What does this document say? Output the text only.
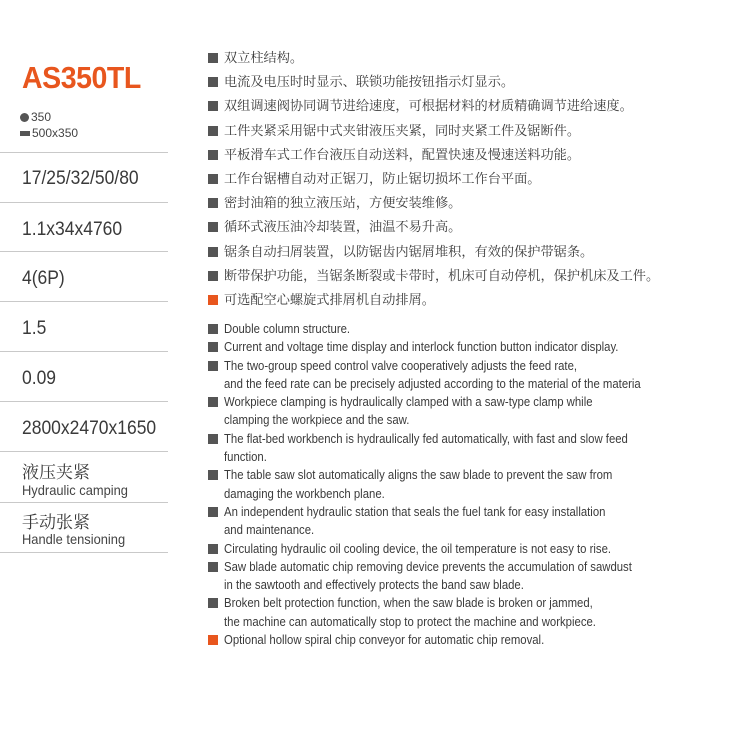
AS350TL
350
500x350
17/25/32/50/80
1.1x34x4760
4(6P)
1.5
0.09
2800x2470x1650
液压夹紧
Hydraulic camping
手动张紧
Handle tensioning
双立柱结构。
电流及电压时时显示、联锁功能按钮指示灯显示。
双组调速阀协同调节进给速度，可根据材料的材质精确调节进给速度。
工件夹紧采用锯中式夹钳液压夹紧，同时夹紧工件及锯断件。
平板滑车式工作台液压自动送料，配置快速及慢速送料功能。
工作台锯槽自动对正锯刀，防止锯切损坏工作台平面。
密封油箱的独立液压站，方便安装维修。
循环式液压油冷却装置，油温不易升高。
锯条自动扫屑装置，以防锯齿内锯屑堆积，有效的保护带锯条。
断带保护功能，当锯条断裂或卡带时，机床可自动停机，保护机床及工件。
可选配空心螺旋式排屑机自动排屑。
Double column structure.
Current and voltage time display and interlock function button indicator display.
The two-group speed control valve cooperatively adjusts the feed rate,
and the feed rate can be precisely adjusted according to the material of the materia
Workpiece clamping is hydraulically clamped with a saw-type clamp while
clamping the workpiece and the saw.
The flat-bed workbench is hydraulically fed automatically, with fast and slow feed
function.
The table saw slot automatically aligns the saw blade to prevent the saw from
damaging the workbench plane.
An independent hydraulic station that seals the fuel tank for easy installation
and maintenance.
Circulating hydraulic oil cooling device, the oil temperature is not easy to rise.
Saw blade automatic chip removing device prevents the accumulation of sawdust
in the sawtooth and effectively protects the band saw blade.
Broken belt protection function, when the saw blade is broken or jammed,
the machine can automatically stop to protect the machine and workpiece.
Optional hollow spiral chip conveyor for automatic chip removal.
